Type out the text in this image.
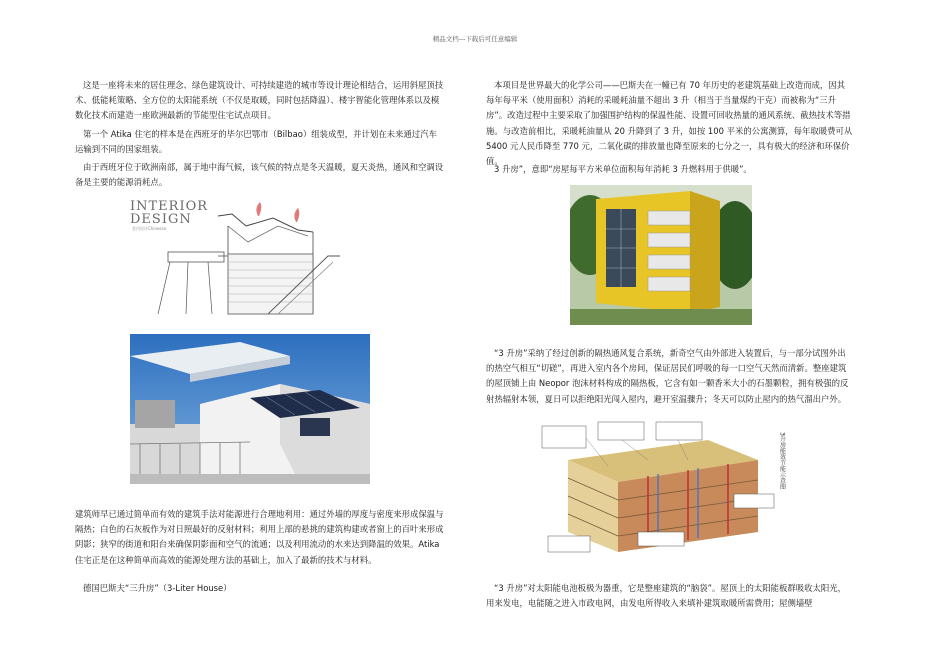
精品文档---下载后可任意编辑

这是一座将未来的居住理念、绿色建筑设计、可持续建造的城市等设计理论相结合，运用斜屋顶技术、低能耗策略、全方位的太阳能系统（不仅是取暖，同时包括降温）、楼宇智能化管理体系以及模数化技术而建造一座欧洲最新的节能型住宅试点项目。

第一个 Atika 住宅的样本是在西班牙的毕尔巴鄂市（Bilbao）组装成型，并计划在未来通过汽车运输到不同的国家组装。

由于西班牙位于欧洲南部，属于地中海气候，该气候的特点是冬天温暖，夏天炎热，通风和空调设备是主要的能源消耗点。

INTERIOR
DESIGN
室内设计Chinesse

建筑师早已通过简单而有效的建筑手法对能源进行合理地利用：通过外墙的厚度与密度来形成保温与隔热；白色的石灰板作为对日照最好的反射材料；利用上部的悬挑的建筑构建或者窗上的百叶来形成阴影；狭窄的街道和阳台来确保阴影面和空气的流通；以及利用流动的水来达到降温的效果。Atika 住宅正是在这种简单而高效的能源处理方法的基础上，加入了最新的技术与材料。

德国巴斯夫“三升房”（3-Liter House）

本项目是世界最大的化学公司——巴斯夫在一幢已有 70 年历史的老建筑基础上改造而成，因其每年每平米（使用面积）消耗的采暖耗油量不超出 3 升（相当于当量煤约干克）而被称为“三升房”。改造过程中主要采取了加强围护结构的保温性能、设置可回收热量的通风系统、截热技术等措施。与改造前相比，采暖耗油量从 20 升降到了 3 升，如按 100 平米的公寓测算，每年取暖费可从 5400 元人民币降至 770 元，二氧化碳的排放量也降至原来的七分之一，具有极大的经济和环保价值。

3 升房”，意即“房屋每平方米单位面积每年消耗 3 升燃料用于供暖”。

“3 升房”采纳了经过创新的隔热通风复合系统，新奇空气由外部进入装置后，与一部分试图外出的热空气相互“切磋”，再进入室内各个房间，保证居民们呼吸的每一口空气天然而清新。整座建筑的屋顶铺上由 Neopor 泡沫材料构成的隔热板，它含有如一颗香米大小的石墨颗粒，拥有极强的反射热辐射本领，夏日可以拒绝阳光闯入屋内，避开室温骤升；冬天可以防止屋内的热气溜出户外。

3升房能效节能示意图

“3 升房”对太阳能电池板极为器重，它是整座建筑的“脑袋”。屋顶上的太阳能板群吸收太阳光，用来发电，电能随之进入市政电网，由发电所得收入来填补建筑取暖所需费用；屋侧墙壁
